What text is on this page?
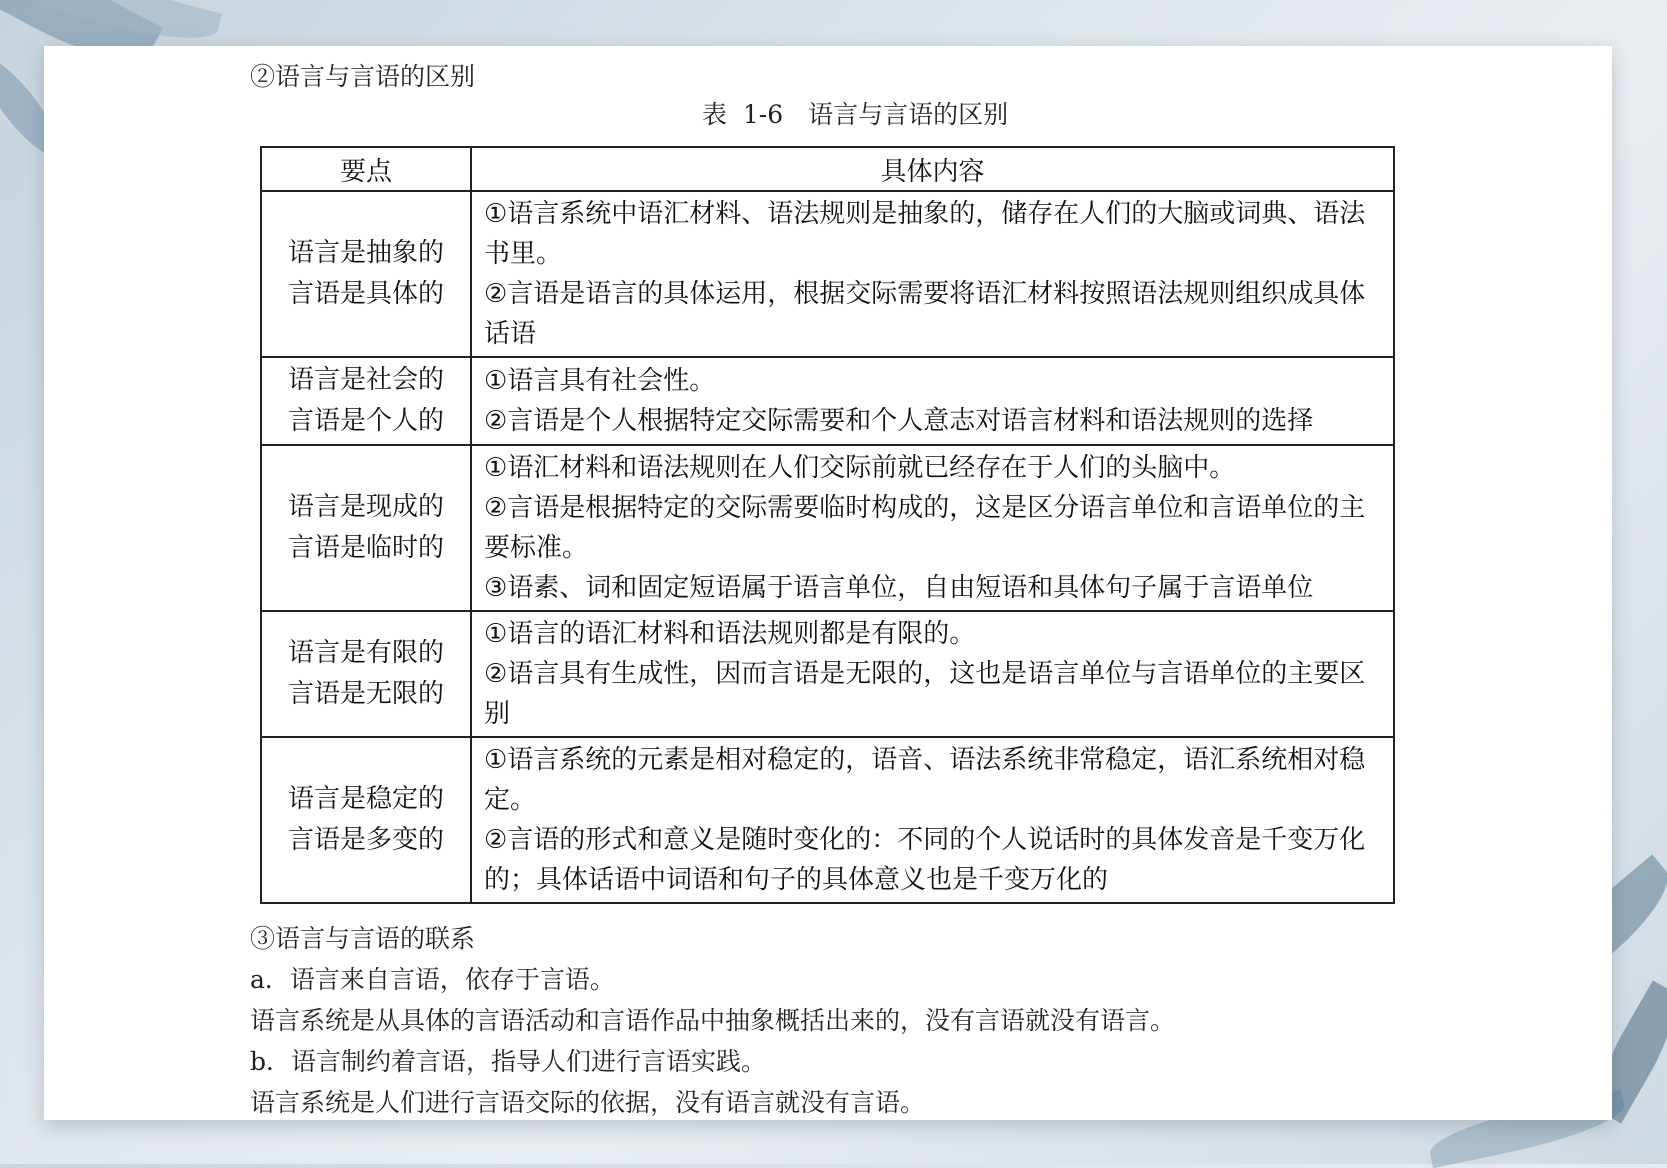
②语言与言语的区别

表 1-6　语言与言语的区别

要点	具体内容

语言是抽象的
言语是具体的	①语言系统中语汇材料、语法规则是抽象的，储存在人们的大脑或词典、语法书里。
②言语是语言的具体运用，根据交际需要将语汇材料按照语法规则组织成具体话语

语言是社会的
言语是个人的	①语言具有社会性。
②言语是个人根据特定交际需要和个人意志对语言材料和语法规则的选择

语言是现成的
言语是临时的	①语汇材料和语法规则在人们交际前就已经存在于人们的头脑中。
②言语是根据特定的交际需要临时构成的，这是区分语言单位和言语单位的主要标准。
③语素、词和固定短语属于语言单位，自由短语和具体句子属于言语单位

语言是有限的
言语是无限的	①语言的语汇材料和语法规则都是有限的。
②语言具有生成性，因而言语是无限的，这也是语言单位与言语单位的主要区别

语言是稳定的
言语是多变的	①语言系统的元素是相对稳定的，语音、语法系统非常稳定，语汇系统相对稳定。
②言语的形式和意义是随时变化的：不同的个人说话时的具体发音是千变万化的；具体话语中词语和句子的具体意义也是千变万化的

③语言与言语的联系

a．语言来自言语，依存于言语。

语言系统是从具体的言语活动和言语作品中抽象概括出来的，没有言语就没有语言。

b．语言制约着言语，指导人们进行言语实践。

语言系统是人们进行言语交际的依据，没有语言就没有言语。
